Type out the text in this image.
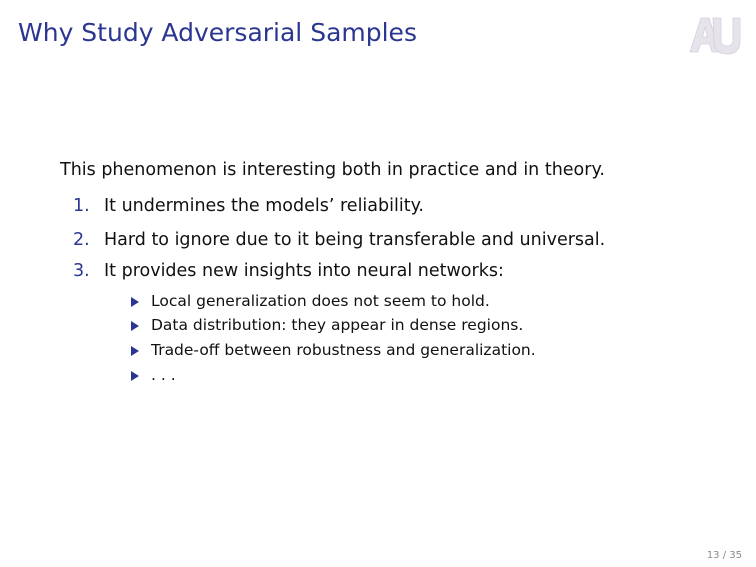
Why Study Adversarial Samples
This phenomenon is interesting both in practice and in theory.
1. It undermines the models’ reliability.
2. Hard to ignore due to it being transferable and universal.
3. It provides new insights into neural networks:
Local generalization does not seem to hold.
Data distribution: they appear in dense regions.
Trade-off between robustness and generalization.
. . .
13 / 35
